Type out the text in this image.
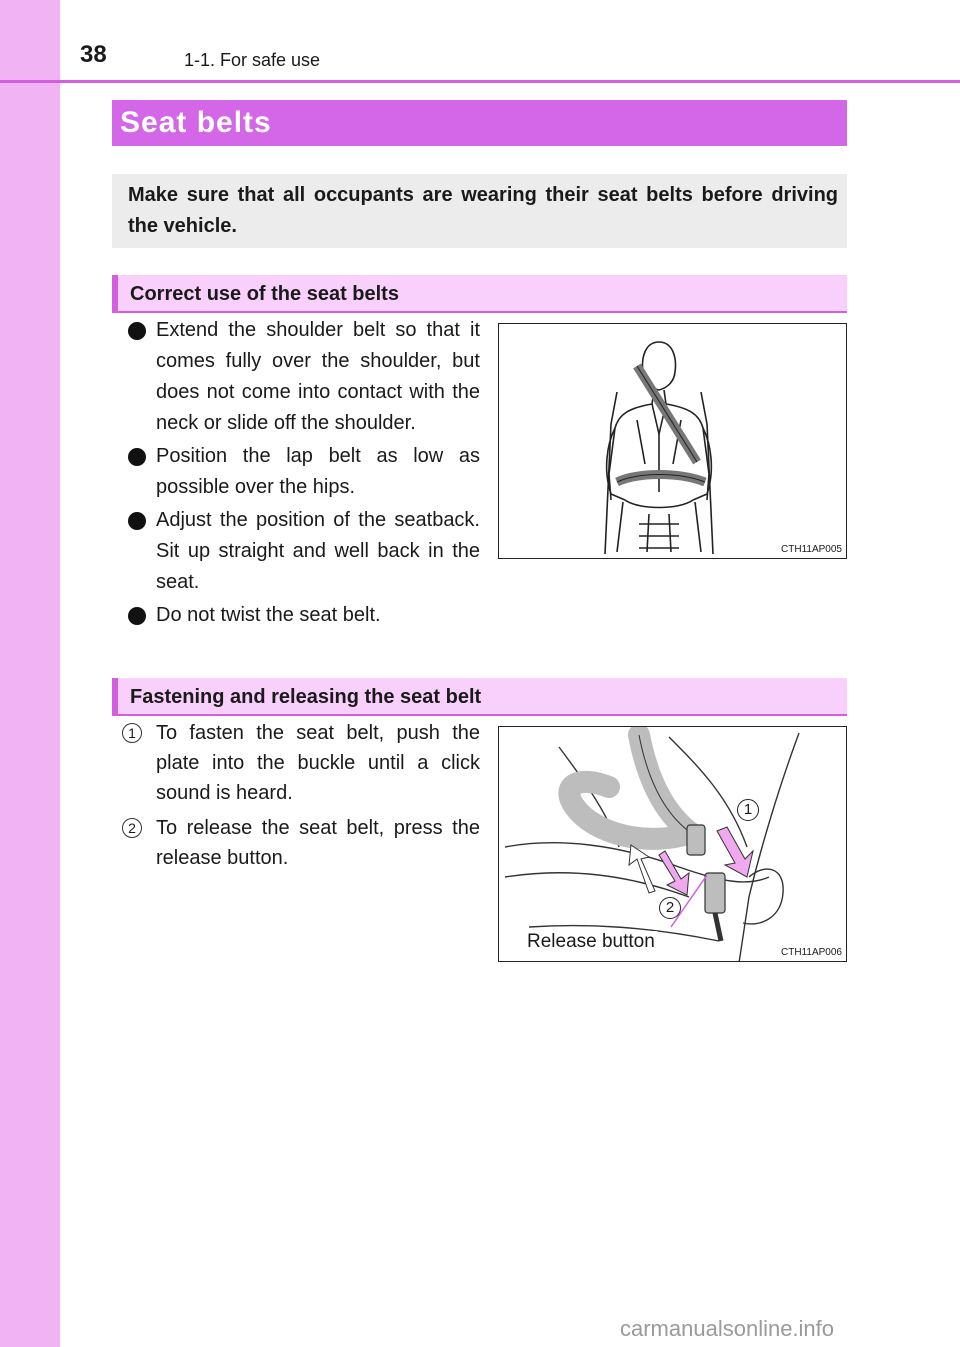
38	1-1. For safe use
Seat belts
Make sure that all occupants are wearing their seat belts before driving the vehicle.
Correct use of the seat belts
Extend the shoulder belt so that it comes fully over the shoulder, but does not come into contact with the neck or slide off the shoulder.
Position the lap belt as low as possible over the hips.
Adjust the position of the seatback. Sit up straight and well back in the seat.
Do not twist the seat belt.
CTH11AP005
Fastening and releasing the seat belt
1	To fasten the seat belt, push the plate into the buckle until a click sound is heard.
2	To release the seat belt, press the release button.
1
2
Release button
CTH11AP006
carmanualsonline.info
